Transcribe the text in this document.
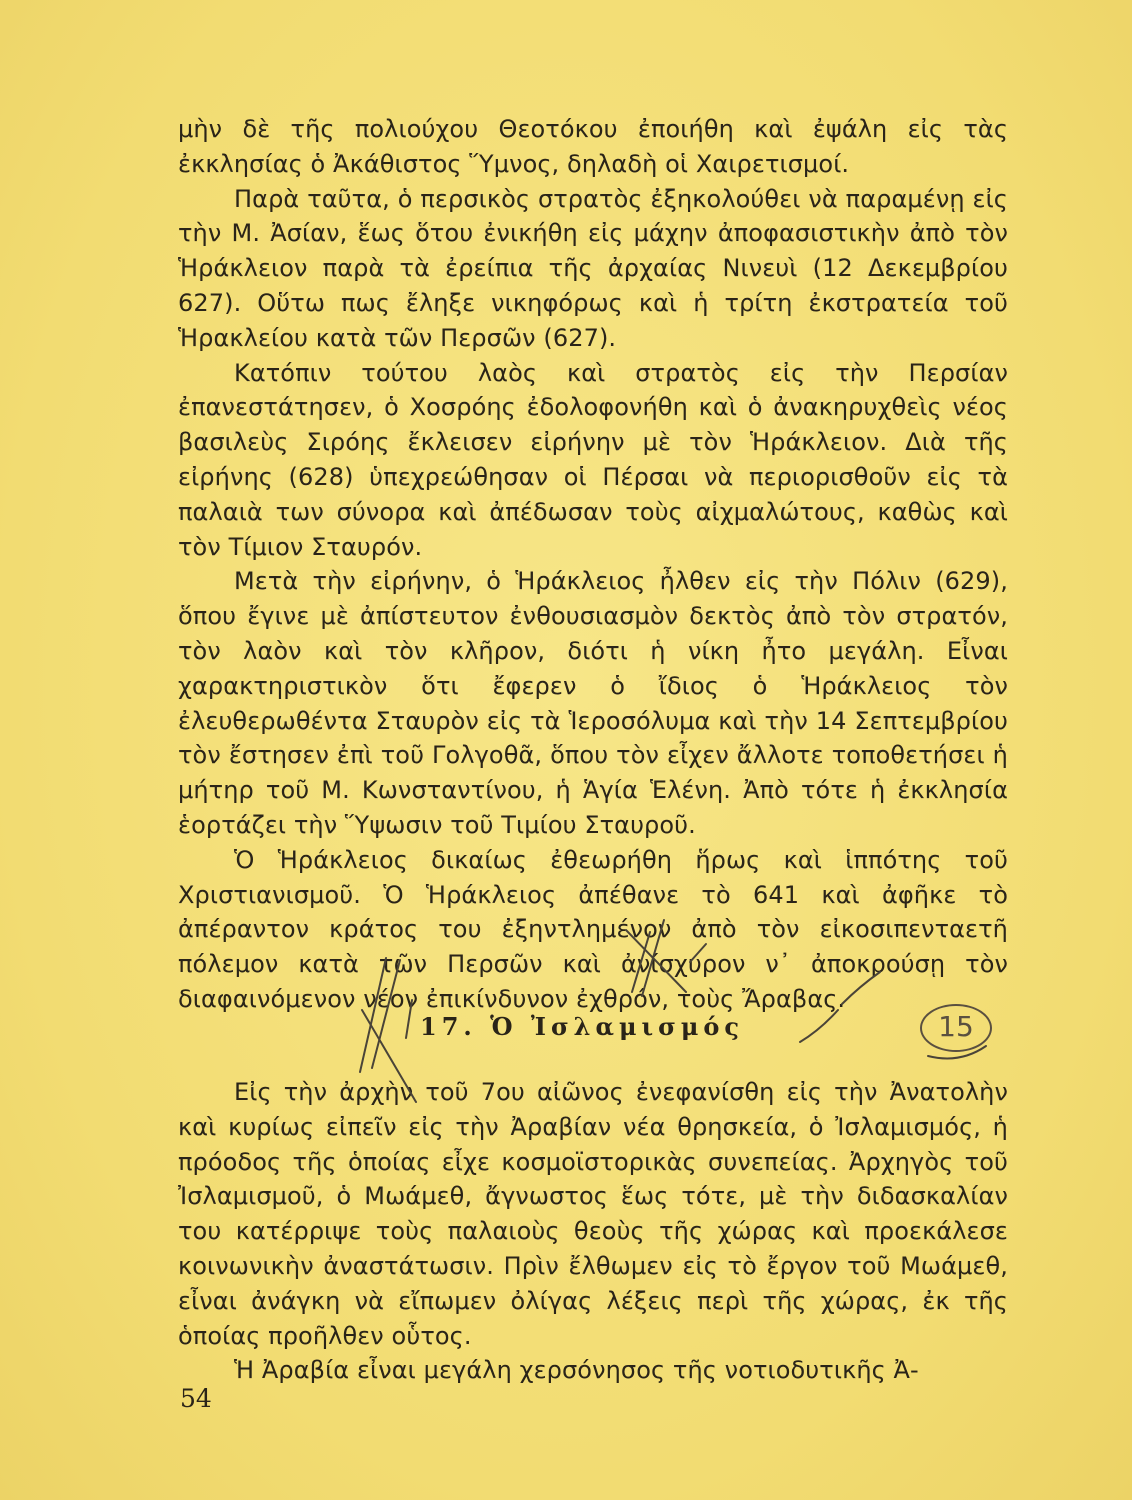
μὴν δὲ τῆς πολιούχου Θεοτόκου ἐποιήθη καὶ ἐψάλη εἰς τὰς ἐκκλησίας ὁ Ἀκάθιστος Ὕμνος, δηλαδὴ οἱ Χαιρετισμοί.

Παρὰ ταῦτα, ὁ περσικὸς στρατὸς ἐξηκολούθει νὰ παραμένῃ εἰς τὴν Μ. Ἀσίαν, ἕως ὅτου ἐνικήθη εἰς μάχην ἀποφασιστικὴν ἀπὸ τὸν Ἡράκλειον παρὰ τὰ ἐρείπια τῆς ἀρχαίας Νινευὶ (12 Δεκεμβρίου 627). Οὕτω πως ἔληξε νικηφόρως καὶ ἡ τρίτη ἐκστρατεία τοῦ Ἡρακλείου κατὰ τῶν Περσῶν (627).

Κατόπιν τούτου λαὸς καὶ στρατὸς εἰς τὴν Περσίαν ἐπανεστάτησεν, ὁ Χοσρόης ἐδολοφονήθη καὶ ὁ ἀνακηρυχθεὶς νέος βασιλεὺς Σιρόης ἔκλεισεν εἰρήνην μὲ τὸν Ἡράκλειον. Διὰ τῆς εἰρήνης (628) ὑπεχρεώθησαν οἱ Πέρσαι νὰ περιορισθοῦν εἰς τὰ παλαιὰ των σύνορα καὶ ἀπέδωσαν τοὺς αἰχμαλώτους, καθὼς καὶ τὸν Τίμιον Σταυρόν.

Μετὰ τὴν εἰρήνην, ὁ Ἡράκλειος ἦλθεν εἰς τὴν Πόλιν (629), ὅπου ἔγινε μὲ ἀπίστευτον ἐνθουσιασμὸν δεκτὸς ἀπὸ τὸν στρατόν, τὸν λαὸν καὶ τὸν κλῆρον, διότι ἡ νίκη ἦτο μεγάλη. Εἶναι χαρακτηριστικὸν ὅτι ἔφερεν ὁ ἴδιος ὁ Ἡράκλειος τὸν ἐλευθερωθέντα Σταυρὸν εἰς τὰ Ἱεροσόλυμα καὶ τὴν 14 Σεπτεμβρίου τὸν ἔστησεν ἐπὶ τοῦ Γολγοθᾶ, ὅπου τὸν εἶχεν ἄλλοτε τοποθετήσει ἡ μήτηρ τοῦ Μ. Κωνσταντίνου, ἡ Ἁγία Ἑλένη. Ἀπὸ τότε ἡ ἐκκλησία ἑορτάζει τὴν Ὕψωσιν τοῦ Τιμίου Σταυροῦ.

Ὁ Ἡράκλειος δικαίως ἐθεωρήθη ἥρως καὶ ἱππότης τοῦ Χριστιανισμοῦ. Ὁ Ἡράκλειος ἀπέθανε τὸ 641 καὶ ἀφῆκε τὸ ἀπέραντον κράτος του ἐξηντλημένον ἀπὸ τὸν εἰκοσιπενταετῆ πόλεμον κατὰ τῶν Περσῶν καὶ ἀνίσχυρον ν᾿ ἀποκρούσῃ τὸν διαφαινόμενον νέον ἐπικίνδυνον ἐχθρόν, τοὺς Ἄραβας.

17. Ὁ Ἰσλαμισμός	15

Εἰς τὴν ἀρχὴν τοῦ 7ου αἰῶνος ἐνεφανίσθη εἰς τὴν Ἀνατολὴν καὶ κυρίως εἰπεῖν εἰς τὴν Ἀραβίαν νέα θρησκεία, ὁ Ἰσλαμισμός, ἡ πρόοδος τῆς ὁποίας εἶχε κοσμοϊστορικὰς συνεπείας. Ἀρχηγὸς τοῦ Ἰσλαμισμοῦ, ὁ Μωάμεθ, ἄγνωστος ἕως τότε, μὲ τὴν διδασκαλίαν του κατέρριψε τοὺς παλαιοὺς θεοὺς τῆς χώρας καὶ προεκάλεσε κοινωνικὴν ἀναστάτωσιν. Πρὶν ἔλθωμεν εἰς τὸ ἔργον τοῦ Μωάμεθ, εἶναι ἀνάγκη νὰ εἴπωμεν ὀλίγας λέξεις περὶ τῆς χώρας, ἐκ τῆς ὁποίας προῆλθεν οὗτος.

Ἡ Ἀραβία εἶναι μεγάλη χερσόνησος τῆς νοτιοδυτικῆς Ἀ-

54
